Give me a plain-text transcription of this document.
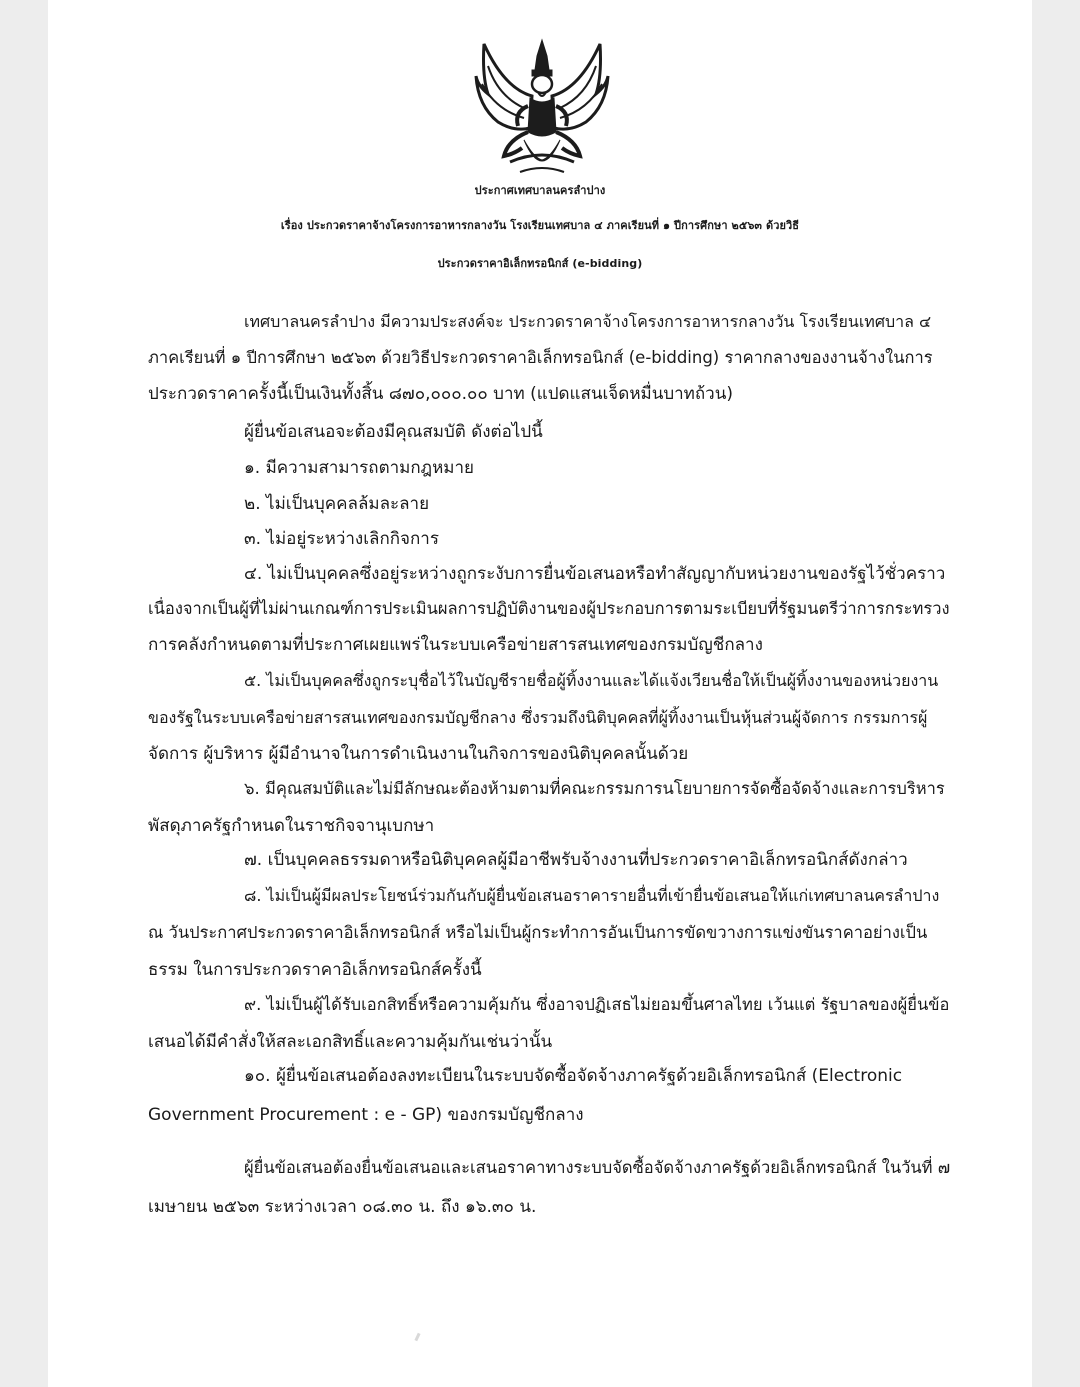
ประกาศเทศบาลนครลำปาง
เรื่อง ประกวดราคาจ้างโครงการอาหารกลางวัน โรงเรียนเทศบาล ๔ ภาคเรียนที่ ๑ ปีการศึกษา ๒๕๖๓ ด้วยวิธี
ประกวดราคาอิเล็กทรอนิกส์ (e-bidding)
เทศบาลนครลำปาง มีความประสงค์จะ ประกวดราคาจ้างโครงการอาหารกลางวัน โรงเรียนเทศบาล ๔
ภาคเรียนที่ ๑ ปีการศึกษา ๒๕๖๓ ด้วยวิธีประกวดราคาอิเล็กทรอนิกส์ (e-bidding) ราคากลางของงานจ้างในการ
ประกวดราคาครั้งนี้เป็นเงินทั้งสิ้น ๘๗๐,๐๐๐.๐๐ บาท (แปดแสนเจ็ดหมื่นบาทถ้วน)
ผู้ยื่นข้อเสนอจะต้องมีคุณสมบัติ ดังต่อไปนี้
๑. มีความสามารถตามกฎหมาย
๒. ไม่เป็นบุคคลล้มละลาย
๓. ไม่อยู่ระหว่างเลิกกิจการ
๔. ไม่เป็นบุคคลซึ่งอยู่ระหว่างถูกระงับการยื่นข้อเสนอหรือทำสัญญากับหน่วยงานของรัฐไว้ชั่วคราว
เนื่องจากเป็นผู้ที่ไม่ผ่านเกณฑ์การประเมินผลการปฏิบัติงานของผู้ประกอบการตามระเบียบที่รัฐมนตรีว่าการกระทรวง
การคลังกำหนดตามที่ประกาศเผยแพร่ในระบบเครือข่ายสารสนเทศของกรมบัญชีกลาง
๕. ไม่เป็นบุคคลซึ่งถูกระบุชื่อไว้ในบัญชีรายชื่อผู้ทิ้งงานและได้แจ้งเวียนชื่อให้เป็นผู้ทิ้งงานของหน่วยงาน
ของรัฐในระบบเครือข่ายสารสนเทศของกรมบัญชีกลาง ซึ่งรวมถึงนิติบุคคลที่ผู้ทิ้งงานเป็นหุ้นส่วนผู้จัดการ กรรมการผู้
จัดการ ผู้บริหาร ผู้มีอำนาจในการดำเนินงานในกิจการของนิติบุคคลนั้นด้วย
๖. มีคุณสมบัติและไม่มีลักษณะต้องห้ามตามที่คณะกรรมการนโยบายการจัดซื้อจัดจ้างและการบริหาร
พัสดุภาครัฐกำหนดในราชกิจจานุเบกษา
๗. เป็นบุคคลธรรมดาหรือนิติบุคคลผู้มีอาชีพรับจ้างงานที่ประกวดราคาอิเล็กทรอนิกส์ดังกล่าว
๘. ไม่เป็นผู้มีผลประโยชน์ร่วมกันกับผู้ยื่นข้อเสนอราคารายอื่นที่เข้ายื่นข้อเสนอให้แก่เทศบาลนครลำปาง
ณ วันประกาศประกวดราคาอิเล็กทรอนิกส์ หรือไม่เป็นผู้กระทำการอันเป็นการขัดขวางการแข่งขันราคาอย่างเป็น
ธรรม ในการประกวดราคาอิเล็กทรอนิกส์ครั้งนี้
๙. ไม่เป็นผู้ได้รับเอกสิทธิ์หรือความคุ้มกัน ซึ่งอาจปฏิเสธไม่ยอมขึ้นศาลไทย เว้นแต่ รัฐบาลของผู้ยื่นข้อ
เสนอได้มีคำสั่งให้สละเอกสิทธิ์และความคุ้มกันเช่นว่านั้น
๑๐. ผู้ยื่นข้อเสนอต้องลงทะเบียนในระบบจัดซื้อจัดจ้างภาครัฐด้วยอิเล็กทรอนิกส์ (Electronic
Government Procurement : e - GP) ของกรมบัญชีกลาง
ผู้ยื่นข้อเสนอต้องยื่นข้อเสนอและเสนอราคาทางระบบจัดซื้อจัดจ้างภาครัฐด้วยอิเล็กทรอนิกส์ ในวันที่ ๗
เมษายน ๒๕๖๓ ระหว่างเวลา ๐๘.๓๐ น. ถึง ๑๖.๓๐ น.
